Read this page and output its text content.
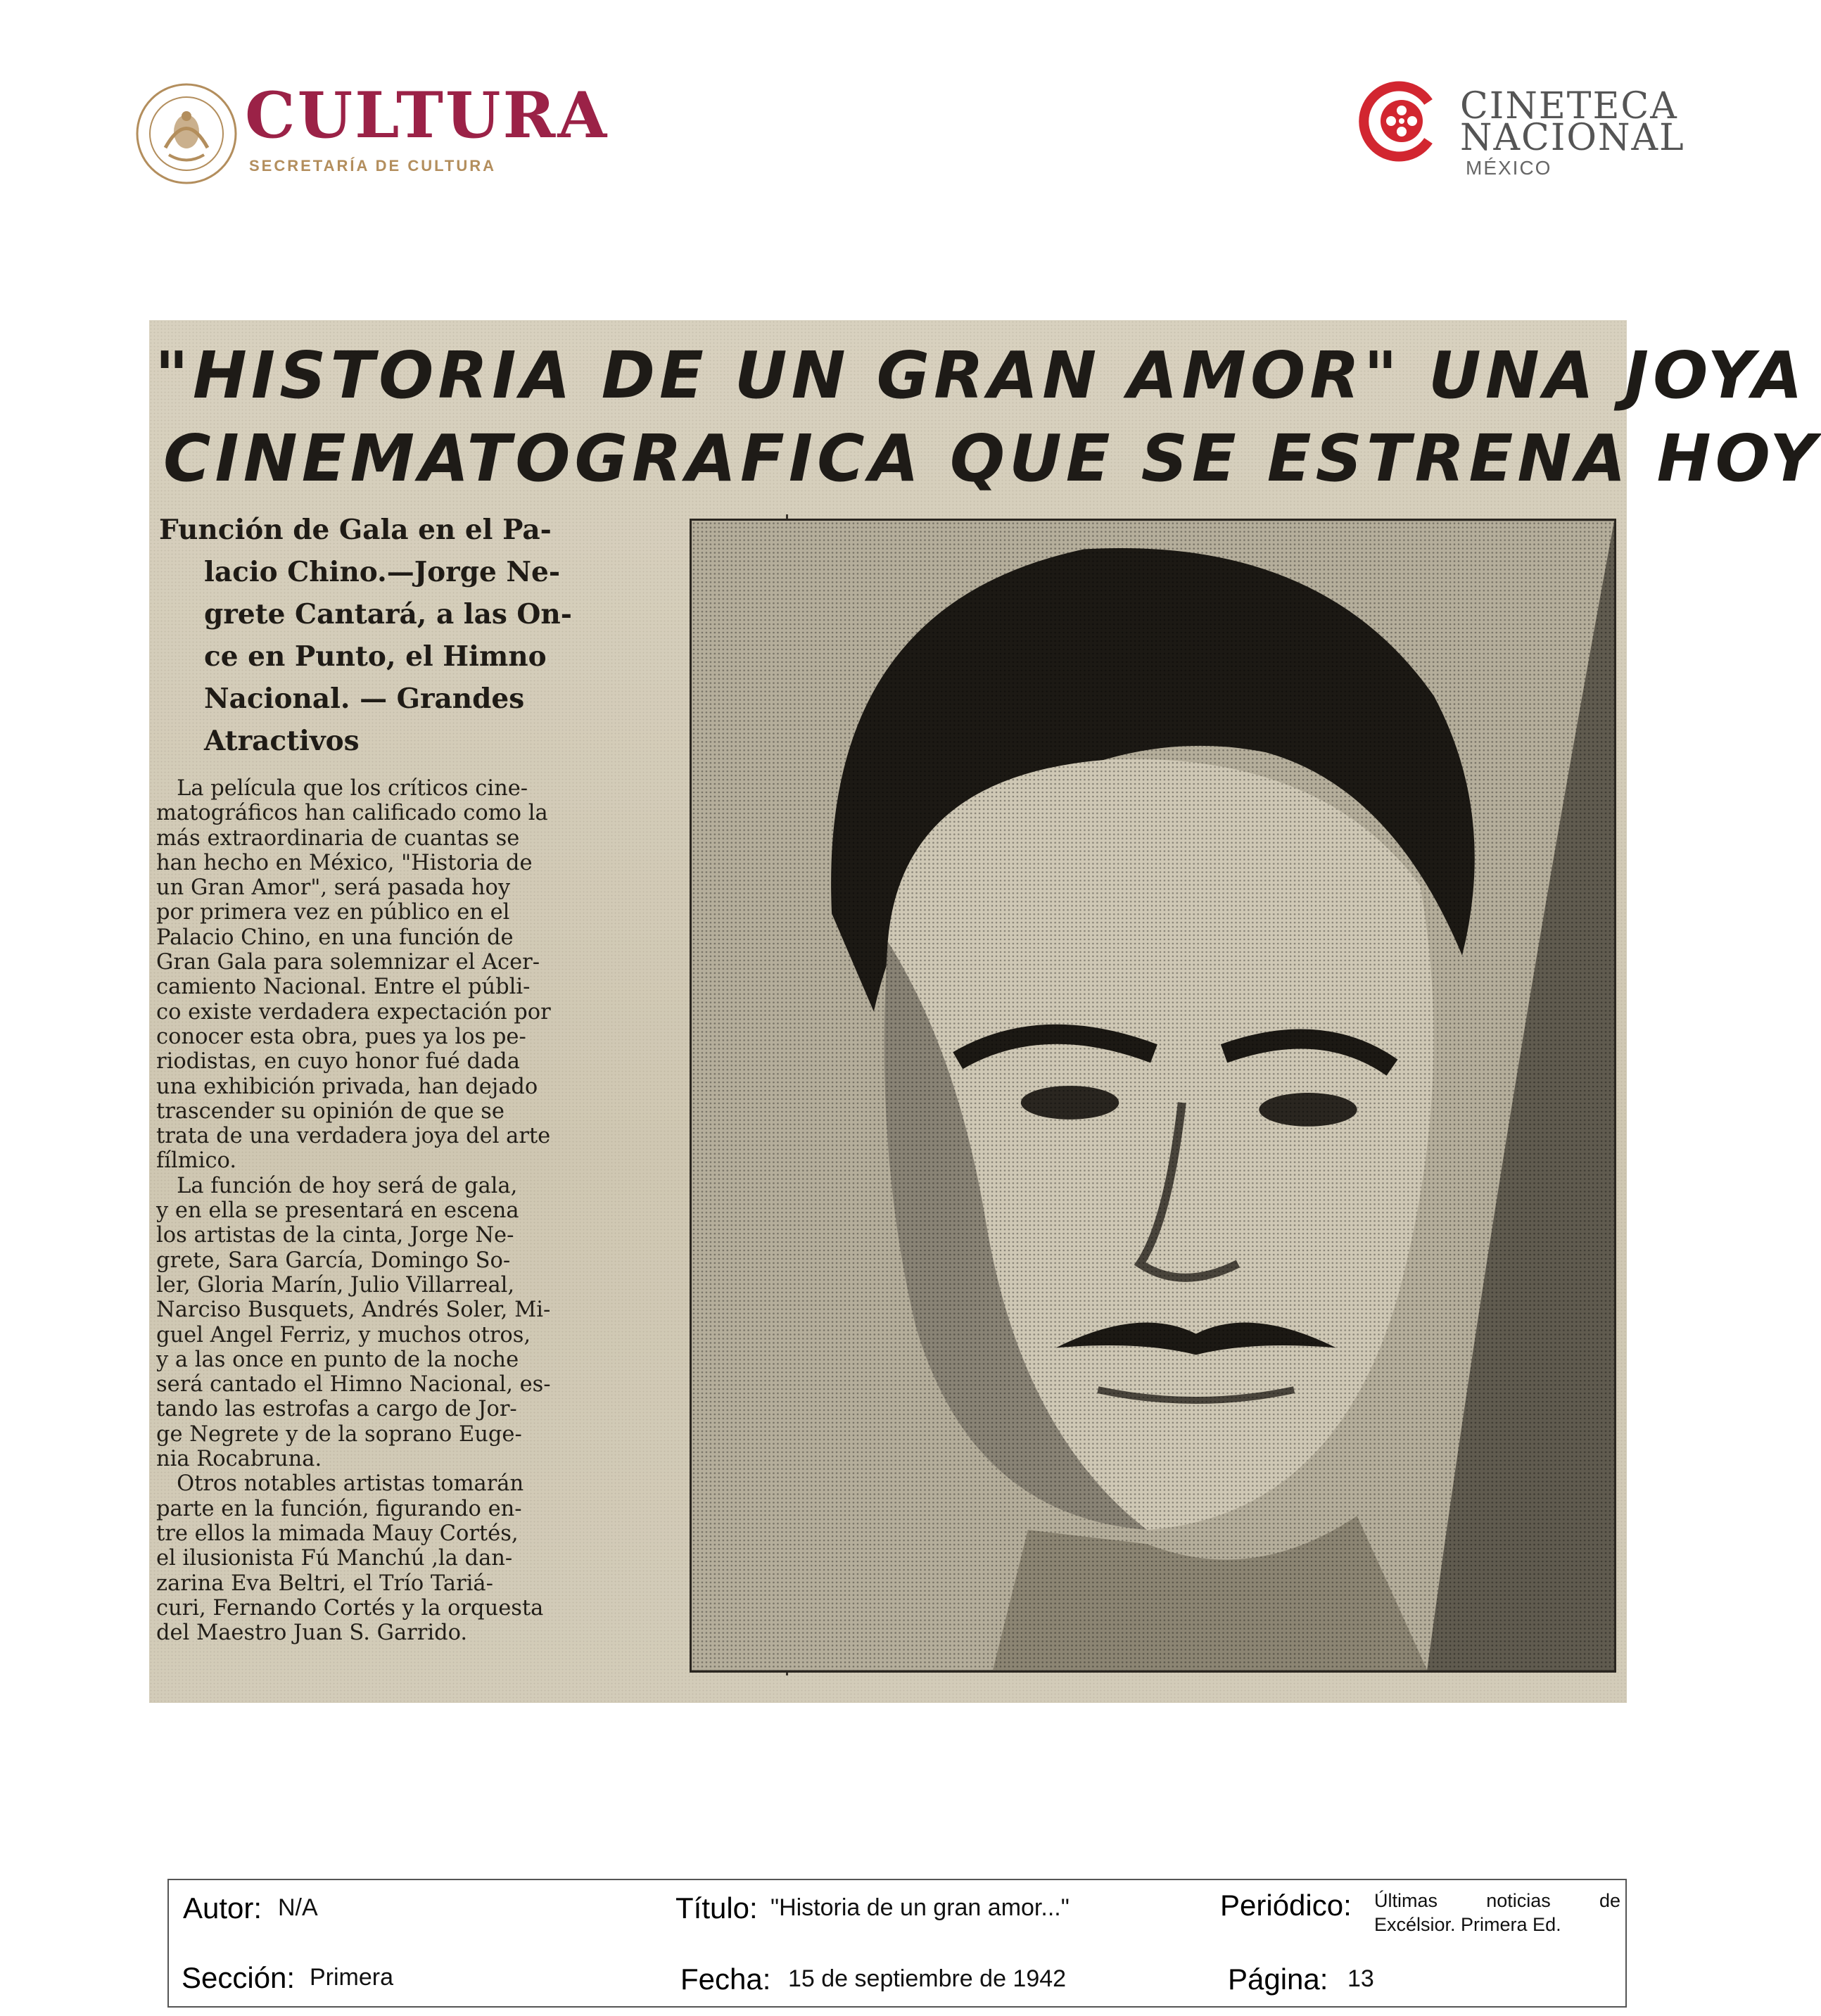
CULTURA
SECRETARÍA DE CULTURA
CINETECA
NACIONAL
MÉXICO
"HISTORIA DE UN GRAN AMOR" UNA JOYA
CINEMATOGRAFICA QUE SE ESTRENA HOY
Función de Gala en el Pa-
lacio Chino.—Jorge Ne-
grete Cantará, a las On-
ce en Punto, el Himno
Nacional. — Grandes
Atractivos
La película que los críticos cine-
matográficos han calificado como la
más extraordinaria de cuantas se
han hecho en México, "Historia de
un Gran Amor", será pasada hoy
por primera vez en público en el
Palacio Chino, en una función de
Gran Gala para solemnizar el Acer-
camiento Nacional. Entre el públi-
co existe verdadera expectación por
conocer esta obra, pues ya los pe-
riodistas, en cuyo honor fué dada
una exhibición privada, han dejado
trascender su opinión de que se
trata de una verdadera joya del arte
fílmico.
La función de hoy será de gala,
y en ella se presentará en escena
los artistas de la cinta, Jorge Ne-
grete, Sara García, Domingo So-
ler, Gloria Marín, Julio Villarreal,
Narciso Busquets, Andrés Soler, Mi-
guel Angel Ferriz, y muchos otros,
y a las once en punto de la noche
será cantado el Himno Nacional, es-
tando las estrofas a cargo de Jor-
ge Negrete y de la soprano Euge-
nia Rocabruna.
Otros notables artistas tomarán
parte en la función, figurando en-
tre ellos la mimada Mauy Cortés,
el ilusionista Fú Manchú ,la dan-
zarina Eva Beltri, el Trío Tariá-
curi, Fernando Cortés y la orquesta
del Maestro Juan S. Garrido.
Autor: N/A	Título: "Historia de un gran amor..."	Periódico: Últimas noticias de
Excélsior. Primera Ed.
Sección: Primera	Fecha: 15 de septiembre de 1942	Página: 13
